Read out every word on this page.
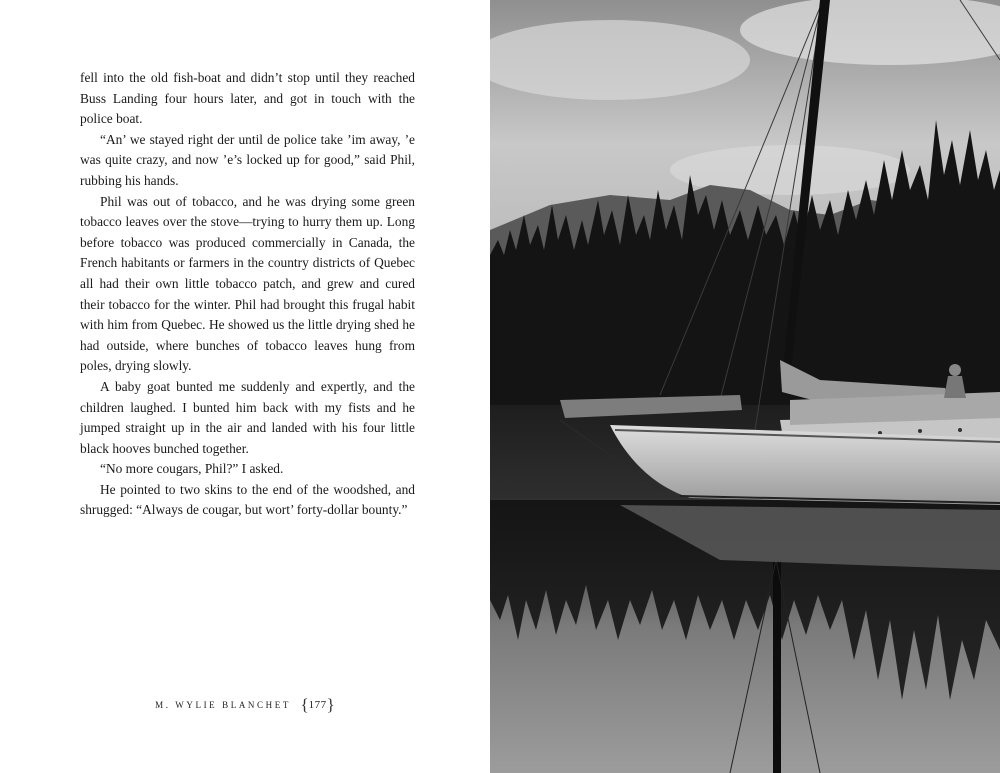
fell into the old fish-boat and didn’t stop until they reached Buss Landing four hours later, and got in touch with the police boat.

“An’ we stayed right der until de police take ’im away, ’e was quite crazy, and now ’e’s locked up for good,” said Phil, rubbing his hands.

Phil was out of tobacco, and he was drying some green tobacco leaves over the stove—trying to hurry them up. Long before tobacco was produced commercially in Canada, the French habitants or farmers in the country districts of Quebec all had their own little tobacco patch, and grew and cured their tobacco for the winter. Phil had brought this frugal habit with him from Quebec. He showed us the little drying shed he had outside, where bunches of tobacco leaves hung from poles, drying slowly.

A baby goat bunted me suddenly and expertly, and the children laughed. I bunted him back with my fists and he jumped straight up in the air and landed with his four little black hooves bunched together.

“No more cougars, Phil?” I asked.

He pointed to two skins to the end of the woodshed, and shrugged: “Always de cougar, but wort’ forty-dollar bounty.”

M. WYLIE BLANCHET {177}
